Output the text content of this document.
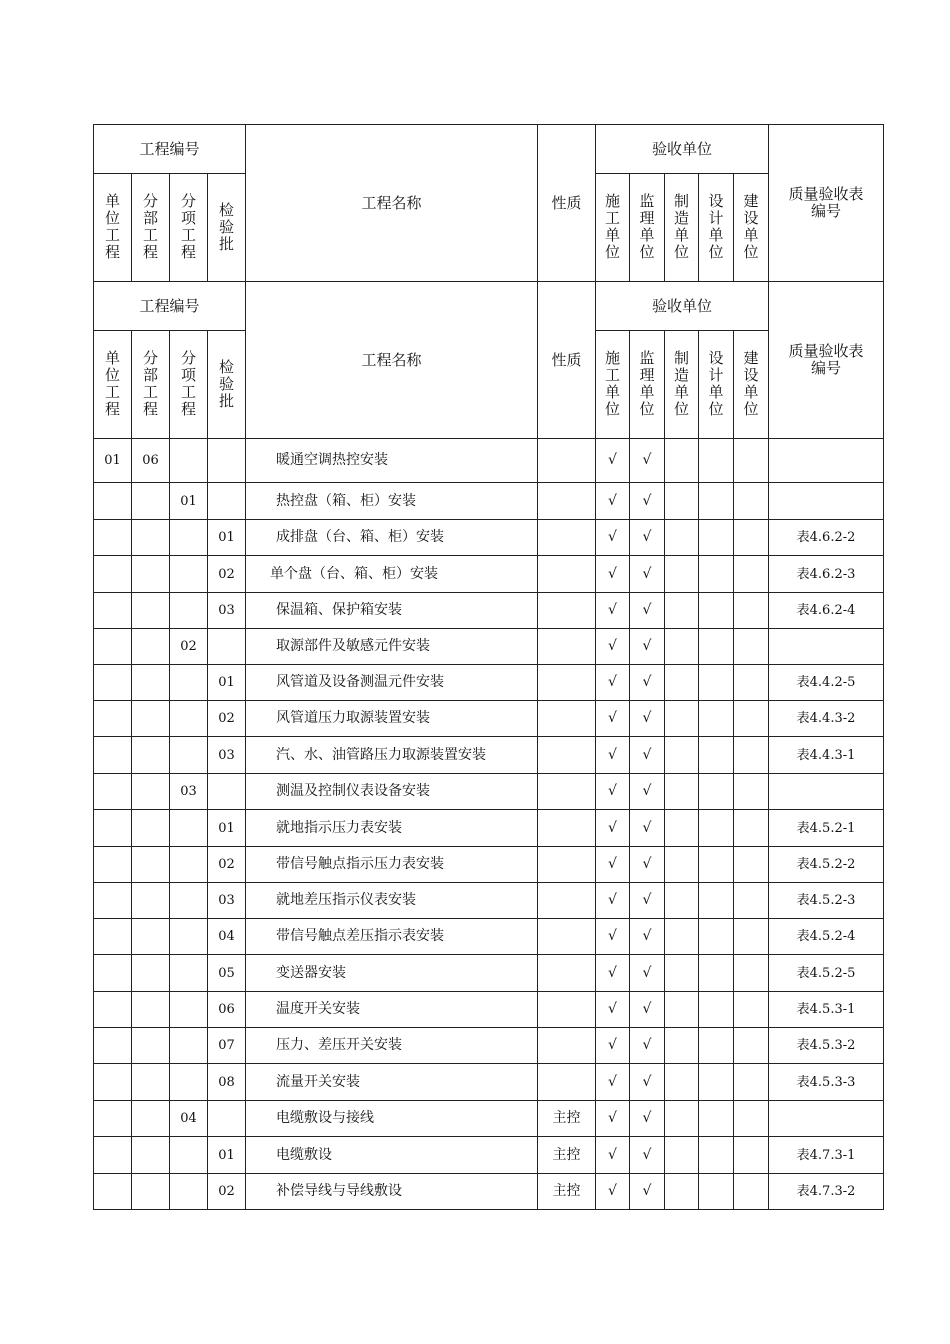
工程编号				工程名称	性质	验收单位					质量验收表编号
单位工程	分部工程	分项工程	检验批			施工单位	监理单位	制造单位	设计单位	建设单位	
工程编号				工程名称	性质	验收单位					质量验收表编号
单位工程	分部工程	分项工程	检验批			施工单位	监理单位	制造单位	设计单位	建设单位	
01	06			暖通空调热控安装		√	√				
		01		热控盘（箱、柜）安装		√	√				
			01	成排盘（台、箱、柜）安装		√	√				表4.6.2-2
			02	单个盘（台、箱、柜）安装		√	√				表4.6.2-3
			03	保温箱、保护箱安装		√	√				表4.6.2-4
		02		取源部件及敏感元件安装		√	√				
			01	风管道及设备测温元件安装		√	√				表4.4.2-5
			02	风管道压力取源装置安装		√	√				表4.4.3-2
			03	汽、水、油管路压力取源装置安装		√	√				表4.4.3-1
		03		测温及控制仪表设备安装		√	√				
			01	就地指示压力表安装		√	√				表4.5.2-1
			02	带信号触点指示压力表安装		√	√				表4.5.2-2
			03	就地差压指示仪表安装		√	√				表4.5.2-3
			04	带信号触点差压指示表安装		√	√				表4.5.2-4
			05	变送器安装		√	√				表4.5.2-5
			06	温度开关安装		√	√				表4.5.3-1
			07	压力、差压开关安装		√	√				表4.5.3-2
			08	流量开关安装		√	√				表4.5.3-3
		04		电缆敷设与接线	主控	√	√				
			01	电缆敷设	主控	√	√				表4.7.3-1
			02	补偿导线与导线敷设	主控	√	√				表4.7.3-2
